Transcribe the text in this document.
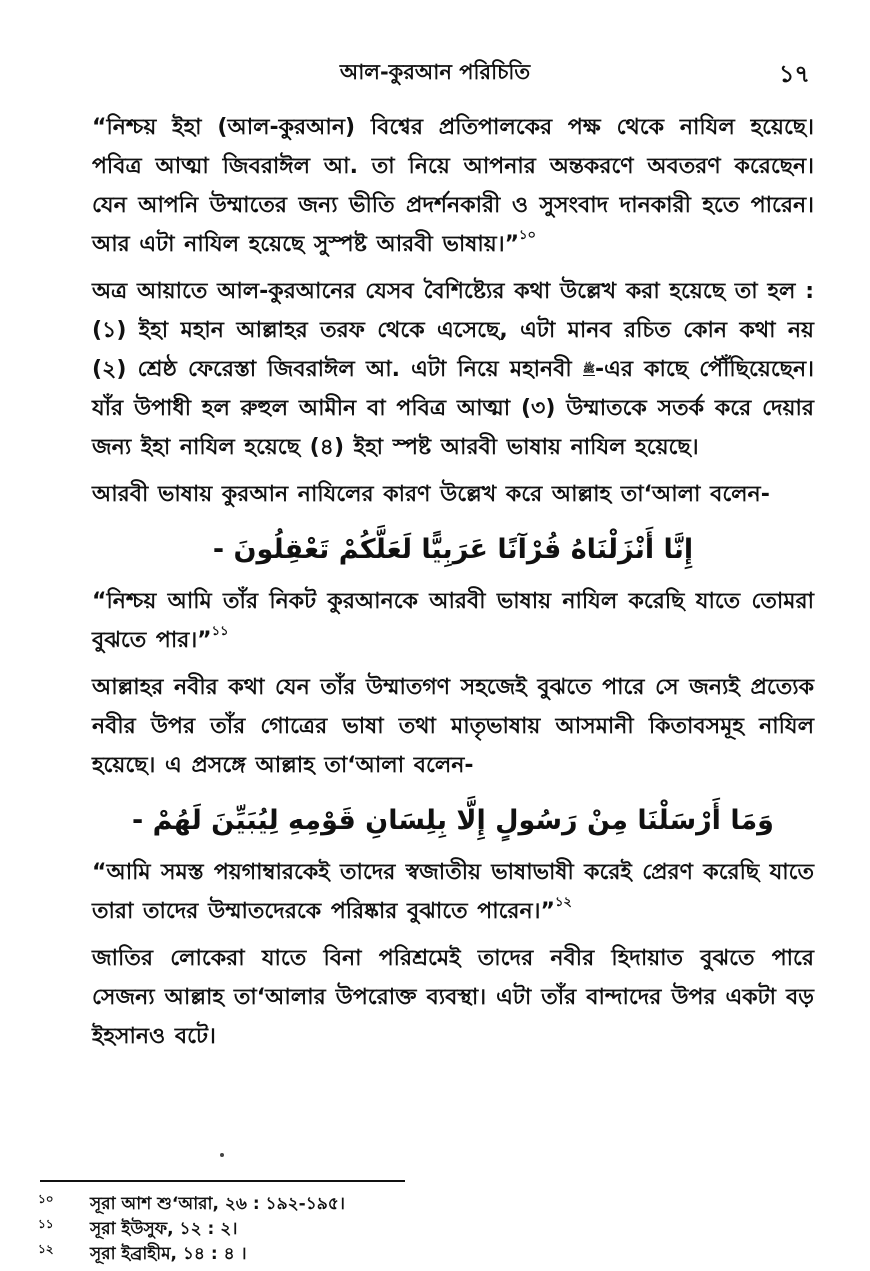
আল-কুরআন পরিচিতি	১৭

“নিশ্চয় ইহা (আল-কুরআন) বিশ্বের প্রতিপালকের পক্ষ থেকে নাযিল হয়েছে। পবিত্র আত্মা জিবরাঈল আ. তা নিয়ে আপনার অন্তকরণে অবতরণ করেছেন। যেন আপনি উম্মাতের জন্য ভীতি প্রদর্শনকারী ও সুসংবাদ দানকারী হতে পারেন। আর এটা নাযিল হয়েছে সুস্পষ্ট আরবী ভাষায়।”$^{১০}$

অত্র আয়াতে আল-কুরআনের যেসব বৈশিষ্ট্যের কথা উল্লেখ করা হয়েছে তা হল : (১) ইহা মহান আল্লাহর তরফ থেকে এসেছে, এটা মানব রচিত কোন কথা নয় (২) শ্রেষ্ঠ ফেরেস্তা জিবরাঈল আ. এটা নিয়ে মহানবী ﷺ-এর কাছে পৌঁছিয়েছেন। যাঁর উপাধী হল রুহুল আমীন বা পবিত্র আত্মা (৩) উম্মাতকে সতর্ক করে দেয়ার জন্য ইহা নাযিল হয়েছে (৪) ইহা স্পষ্ট আরবী ভাষায় নাযিল হয়েছে।

আরবী ভাষায় কুরআন নাযিলের কারণ উল্লেখ করে আল্লাহ তা‘আলা বলেন-

إِنَّا أَنْزَلْنَاهُ قُرْآنًا عَرَبِيًّا لَعَلَّكُمْ تَعْقِلُونَ -

“নিশ্চয় আমি তাঁর নিকট কুরআনকে আরবী ভাষায় নাযিল করেছি যাতে তোমরা বুঝতে পার।”$^{১১}$

আল্লাহর নবীর কথা যেন তাঁর উম্মাতগণ সহজেই বুঝতে পারে সে জন্যই প্রত্যেক নবীর উপর তাঁর গোত্রের ভাষা তথা মাতৃভাষায় আসমানী কিতাবসমূহ নাযিল হয়েছে। এ প্রসঙ্গে আল্লাহ তা‘আলা বলেন-

وَمَا أَرْسَلْنَا مِنْ رَسُولٍ إِلَّا بِلِسَانِ قَوْمِهِ لِيُبَيِّنَ لَهُمْ -

“আমি সমস্ত পয়গাম্বারকেই তাদের স্বজাতীয় ভাষাভাষী করেই প্রেরণ করেছি যাতে তারা তাদের উম্মাতদেরকে পরিষ্কার বুঝাতে পারেন।”$^{১২}$

জাতির লোকেরা যাতে বিনা পরিশ্রমেই তাদের নবীর হিদায়াত বুঝতে পারে সেজন্য আল্লাহ তা‘আলার উপরোক্ত ব্যবস্থা। এটা তাঁর বান্দাদের উপর একটা বড় ইহসানও বটে।

১০ সূরা আশ শু‘আরা, ২৬ : ১৯২-১৯৫।
১১ সূরা ইউসুফ, ১২ : ২।
১২ সূরা ইব্রাহীম, ১৪ : ৪ ।
